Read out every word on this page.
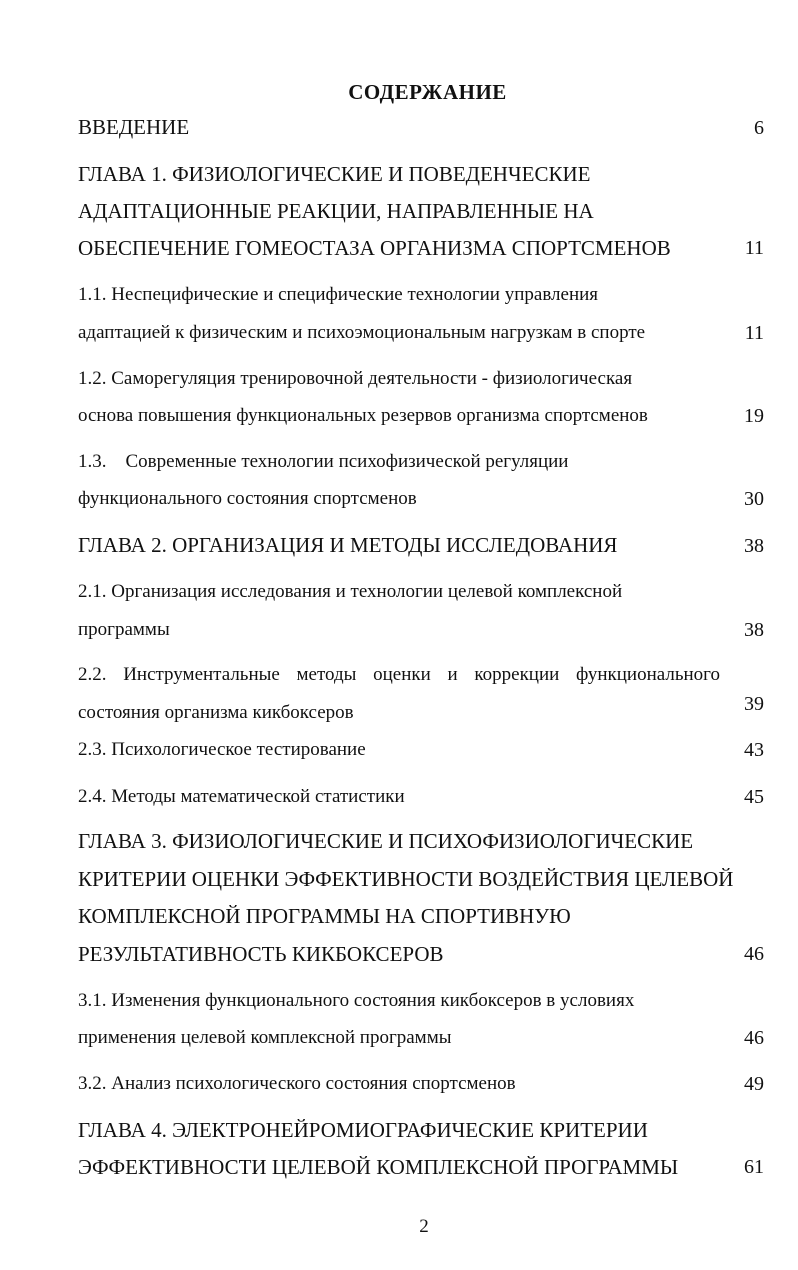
СОДЕРЖАНИЕ
ВВЕДЕНИЕ	6
ГЛАВА 1. ФИЗИОЛОГИЧЕСКИЕ И ПОВЕДЕНЧЕСКИЕ
АДАПТАЦИОННЫЕ РЕАКЦИИ, НАПРАВЛЕННЫЕ НА
ОБЕСПЕЧЕНИЕ ГОМЕОСТАЗА ОРГАНИЗМА СПОРТСМЕНОВ	11
1.1. Неспецифические и специфические технологии управления
адаптацией к физическим и психоэмоциональным нагрузкам в спорте	11
1.2. Саморегуляция тренировочной деятельности - физиологическая
основа повышения функциональных резервов организма спортсменов	19
1.3.    Современные технологии психофизической регуляции
функционального состояния спортсменов	30
ГЛАВА 2. ОРГАНИЗАЦИЯ И МЕТОДЫ ИССЛЕДОВАНИЯ	38
2.1. Организация исследования и технологии целевой комплексной
программы	38
2.2. Инструментальные методы оценки и коррекции функционального
состояния организма кикбоксеров	39
2.3. Психологическое тестирование	43
2.4. Методы математической статистики	45
ГЛАВА 3. ФИЗИОЛОГИЧЕСКИЕ И ПСИХОФИЗИОЛОГИЧЕСКИЕ
КРИТЕРИИ ОЦЕНКИ ЭФФЕКТИВНОСТИ ВОЗДЕЙСТВИЯ ЦЕЛЕВОЙ
КОМПЛЕКСНОЙ ПРОГРАММЫ НА СПОРТИВНУЮ
РЕЗУЛЬТАТИВНОСТЬ КИКБОКСЕРОВ	46
3.1. Изменения функционального состояния кикбоксеров в условиях
применения целевой комплексной программы	46
3.2. Анализ психологического состояния спортсменов	49
ГЛАВА 4. ЭЛЕКТРОНЕЙРОМИОГРАФИЧЕСКИЕ КРИТЕРИИ
ЭФФЕКТИВНОСТИ ЦЕЛЕВОЙ КОМПЛЕКСНОЙ ПРОГРАММЫ	61
2
